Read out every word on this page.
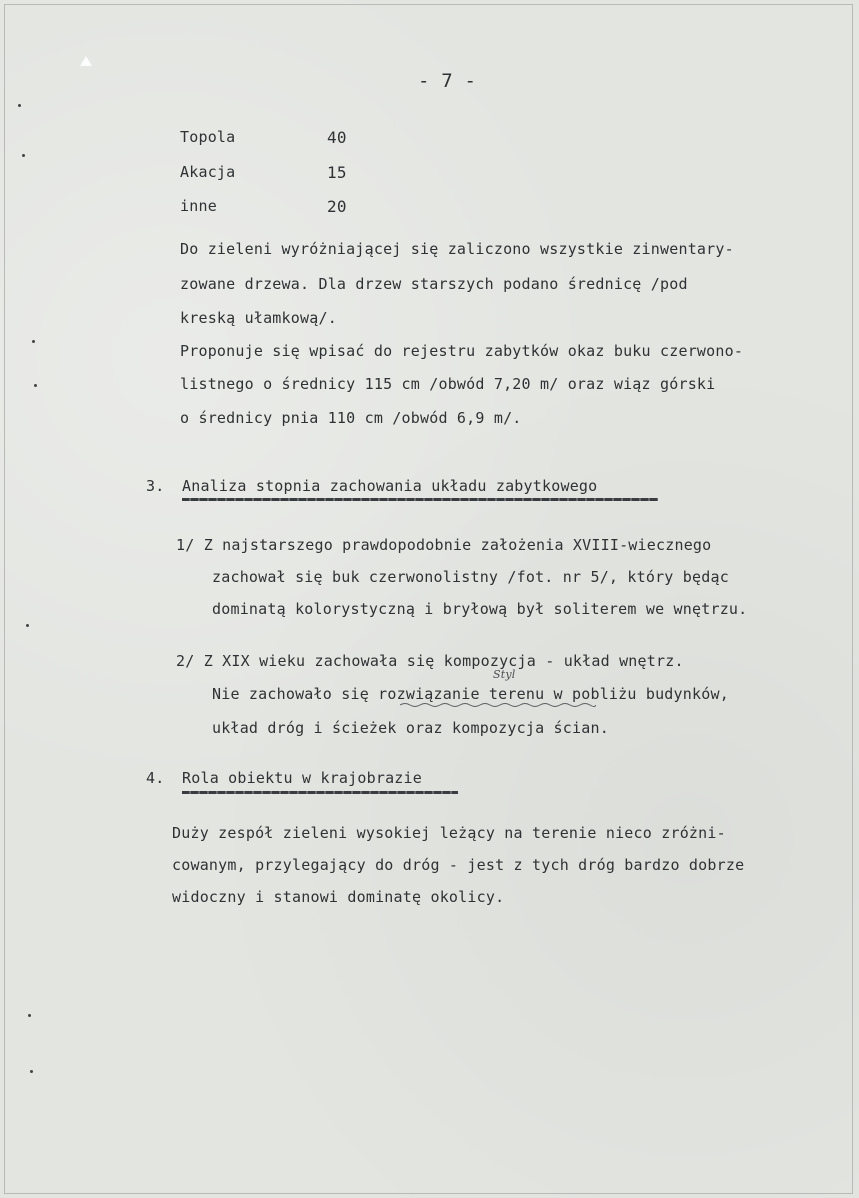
- 7 -
Topola	40
Akacja	15
inne	20
Do zieleni wyróżniającej się zaliczono wszystkie zinwentary-
zowane drzewa. Dla drzew starszych podano średnicę /pod
kreską ułamkową/.
Proponuje się wpisać do rejestru zabytków okaz buku czerwono-
listnego o średnicy 115 cm /obwód 7,20 m/ oraz wiąz górski
o średnicy pnia 110 cm /obwód 6,9 m/.
3. Analiza stopnia zachowania układu zabytkowego
1/ Z najstarszego prawdopodobnie założenia XVIII-wiecznego
zachował się buk czerwonolistny /fot. nr 5/, który będąc
dominatą kolorystyczną i bryłową był soliterem we wnętrzu.
2/ Z XIX wieku zachowała się kompozycja - układ wnętrz.
Styl
Nie zachowało się rozwiązanie terenu w pobliżu budynków,
układ dróg i ścieżek oraz kompozycja ścian.
4. Rola obiektu w krajobrazie
Duży zespół zieleni wysokiej leżący na terenie nieco zróżni-
cowanym, przylegający do dróg - jest z tych dróg bardzo dobrze
widoczny i stanowi dominatę okolicy.
